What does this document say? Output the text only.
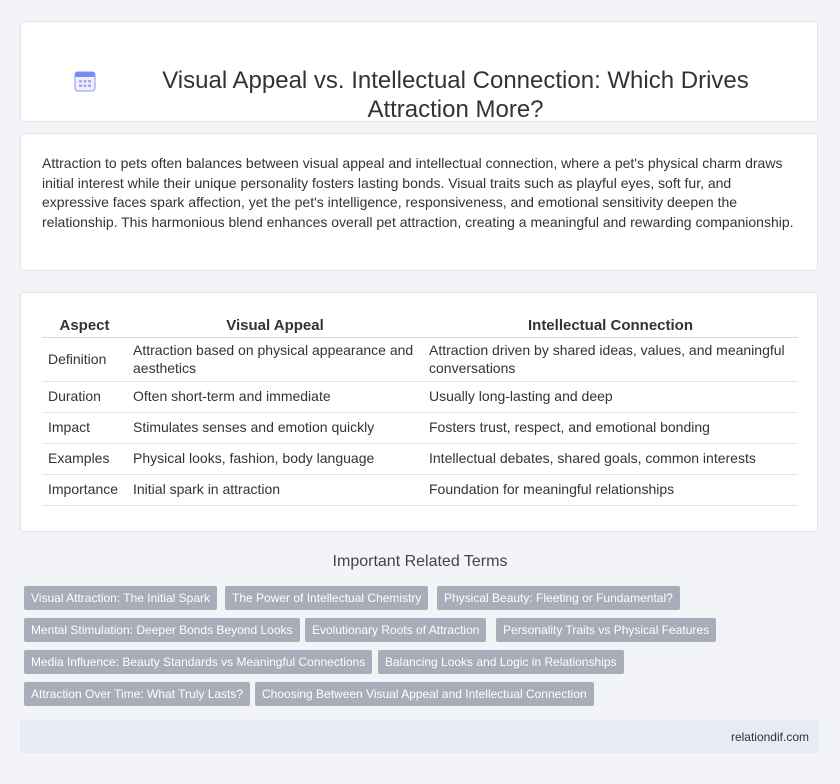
Visual Appeal vs. Intellectual Connection: Which Drives Attraction More?

Attraction to pets often balances between visual appeal and intellectual connection, where a pet's physical charm draws initial interest while their unique personality fosters lasting bonds. Visual traits such as playful eyes, soft fur, and expressive faces spark affection, yet the pet's intelligence, responsiveness, and emotional sensitivity deepen the relationship. This harmonious blend enhances overall pet attraction, creating a meaningful and rewarding companionship.

Aspect	Visual Appeal	Intellectual Connection
Definition	Attraction based on physical appearance and aesthetics	Attraction driven by shared ideas, values, and meaningful conversations
Duration	Often short-term and immediate	Usually long-lasting and deep
Impact	Stimulates senses and emotion quickly	Fosters trust, respect, and emotional bonding
Examples	Physical looks, fashion, body language	Intellectual debates, shared goals, common interests
Importance	Initial spark in attraction	Foundation for meaningful relationships
Important Related Terms
Visual Attraction: The Initial Spark	The Power of Intellectual Chemistry	Physical Beauty: Fleeting or Fundamental?
Mental Stimulation: Deeper Bonds Beyond Looks	Evolutionary Roots of Attraction	Personality Traits vs Physical Features
Media Influence: Beauty Standards vs Meaningful Connections	Balancing Looks and Logic in Relationships
Attraction Over Time: What Truly Lasts?	Choosing Between Visual Appeal and Intellectual Connection
relationdif.com
